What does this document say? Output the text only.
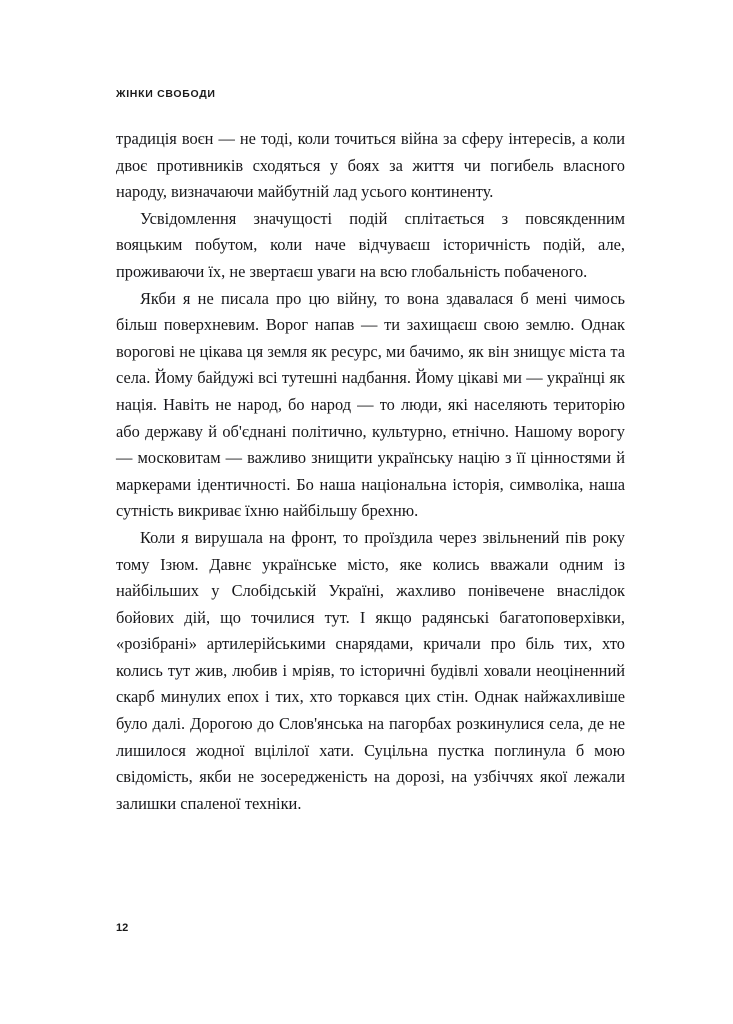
ЖІНКИ СВОБОДИ

традиція воєн — не тоді, коли точиться війна за сферу інтересів, а коли двоє противників сходяться у боях за життя чи погибель власного народу, визначаючи майбутній лад усього континенту.

Усвідомлення значущості подій сплітається з повсякденним вояцьким побутом, коли наче відчуваєш історичність подій, але, проживаючи їх, не звертаєш уваги на всю глобальність побаченого.

Якби я не писала про цю війну, то вона здавалася б мені чимось більш поверхневим. Ворог напав — ти захищаєш свою землю. Однак ворогові не цікава ця земля як ресурс, ми бачимо, як він знищує міста та села. Йому байдужі всі тутешні надбання. Йому цікаві ми — українці як нація. Навіть не народ, бо народ — то люди, які населяють територію або державу й об'єднані політично, культурно, етнічно. Нашому ворогу — московитам — важливо знищити українську націю з її цінностями й маркерами ідентичності. Бо наша національна історія, символіка, наша сутність викриває їхню найбільшу брехню.

Коли я вирушала на фронт, то проїздила через звільнений пів року тому Ізюм. Давнє українське місто, яке колись вважали одним із найбільших у Слобідській Україні, жахливо понівечене внаслідок бойових дій, що точилися тут. І якщо радянські багатоповерхівки, «розібрані» артилерійськими снарядами, кричали про біль тих, хто колись тут жив, любив і мріяв, то історичні будівлі ховали неоціненний скарб минулих епох і тих, хто торкався цих стін. Однак найжахливіше було далі. Дорогою до Слов'янська на пагорбах розкинулися села, де не лишилося жодної вцілілої хати. Суцільна пустка поглинула б мою свідомість, якби не зосередженість на дорозі, на узбіччях якої лежали залишки спаленої техніки.

12
